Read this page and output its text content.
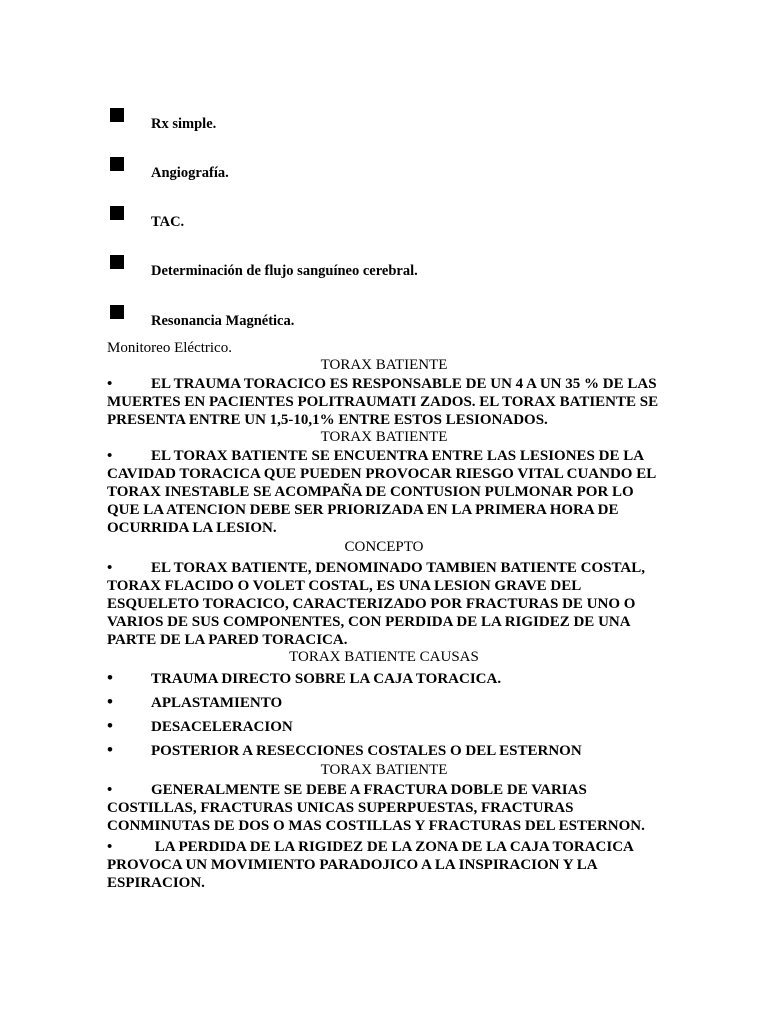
Rx simple.
Angiografía.
TAC.
Determinación de flujo sanguíneo cerebral.
Resonancia Magnética.
Monitoreo Eléctrico.
TORAX BATIENTE
•	EL TRAUMA TORACICO ES RESPONSABLE DE UN 4 A UN 35 % DE LAS MUERTES EN PACIENTES POLITRAUMATI ZADOS. EL TORAX BATIENTE SE PRESENTA ENTRE UN 1,5-10,1% ENTRE ESTOS LESIONADOS.
TORAX BATIENTE
•	EL TORAX BATIENTE SE ENCUENTRA ENTRE LAS LESIONES DE LA CAVIDAD TORACICA QUE PUEDEN PROVOCAR RIESGO VITAL CUANDO EL TORAX INESTABLE SE ACOMPAÑA DE CONTUSION PULMONAR POR LO QUE LA ATENCION DEBE SER PRIORIZADA EN LA PRIMERA HORA DE OCURRIDA LA LESION.
CONCEPTO
•	EL TORAX BATIENTE, DENOMINADO TAMBIEN BATIENTE COSTAL, TORAX FLACIDO O VOLET COSTAL, ES UNA LESION GRAVE DEL ESQUELETO TORACICO, CARACTERIZADO POR FRACTURAS DE UNO O VARIOS DE SUS COMPONENTES, CON PERDIDA DE LA RIGIDEZ DE UNA PARTE DE LA PARED TORACICA.
TORAX BATIENTE CAUSAS
•	TRAUMA DIRECTO SOBRE LA CAJA TORACICA.
•	APLASTAMIENTO
•	DESACELERACION
•	POSTERIOR A RESECCIONES COSTALES O DEL ESTERNON
TORAX BATIENTE
•	GENERALMENTE SE DEBE A FRACTURA DOBLE DE VARIAS COSTILLAS, FRACTURAS UNICAS SUPERPUESTAS, FRACTURAS CONMINUTAS DE DOS O MAS COSTILLAS Y FRACTURAS DEL ESTERNON.
•	LA PERDIDA DE LA RIGIDEZ DE LA ZONA DE LA CAJA TORACICA PROVOCA UN MOVIMIENTO PARADOJICO A LA INSPIRACION Y LA ESPIRACION.
